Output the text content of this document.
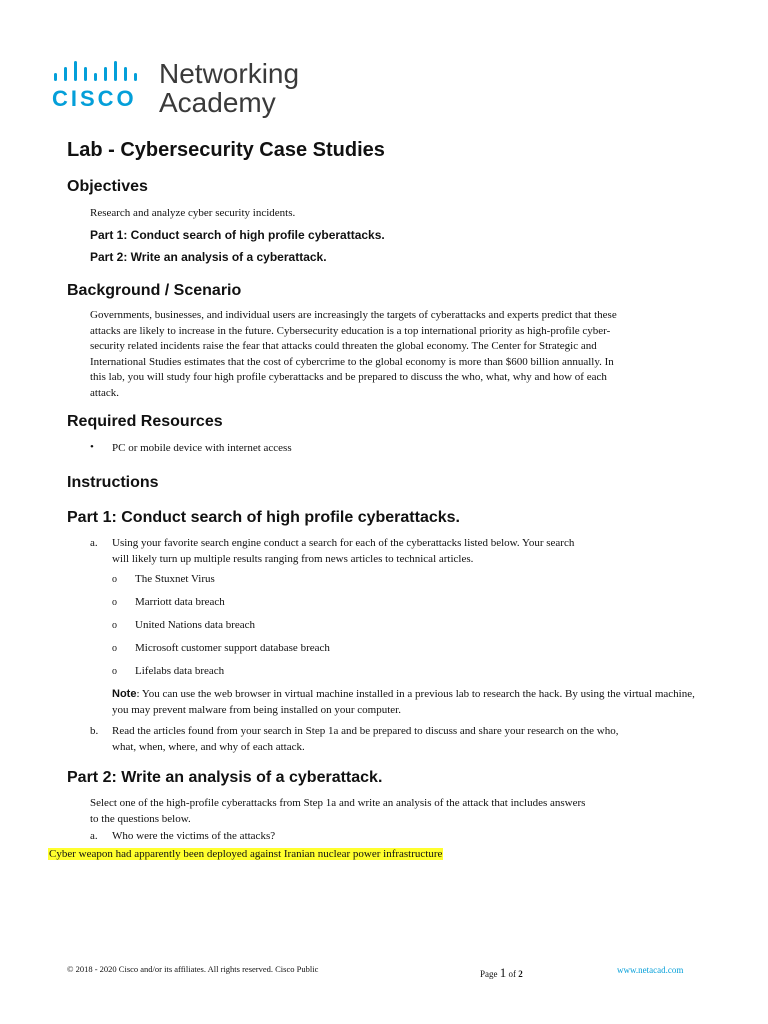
CISCO
Networking
Academy
Lab - Cybersecurity Case Studies
Objectives

Research and analyze cyber security incidents.

Part 1: Conduct search of high profile cyberattacks.

Part 2: Write an analysis of a cyberattack.

Background / Scenario
Governments, businesses, and individual users are increasingly the targets of cyberattacks and experts predict that these
attacks are likely to increase in the future. Cybersecurity education is a top international priority as high-profile cyber-
security related incidents raise the fear that attacks could threaten the global economy. The Center for Strategic and
International Studies estimates that the cost of cybercrime to the global economy is more than $600 billion annually. In
this lab, you will study four high profile cyberattacks and be prepared to discuss the who, what, why and how of each
attack.
Required Resources
• PC or mobile device with internet access

Instructions
Part 1: Conduct search of high profile cyberattacks.
a. Using your favorite search engine conduct a search for each of the cyberattacks listed below. Your search
will likely turn up multiple results ranging from news articles to technical articles.
o The Stuxnet Virus
o Marriott data breach
o United Nations data breach
o Microsoft customer support database breach
o Lifelabs data breach

Note: You can use the web browser in virtual machine installed in a previous lab to research the hack. By using the virtual machine, you may prevent malware from being installed on your computer.

b. Read the articles found from your search in Step 1a and be prepared to discuss and share your research on the who,
what, when, where, and why of each attack.
Part 2: Write an analysis of a cyberattack.
Select one of the high-profile cyberattacks from Step 1a and write an analysis of the attack that includes answers
to the questions below.
a. Who were the victims of the attacks?
Cyber weapon had apparently been deployed against Iranian nuclear power infrastructure
© 2018 - 2020 Cisco and/or its affiliates. All rights reserved. Cisco Public	Page 1 of 2	www.netacad.com
